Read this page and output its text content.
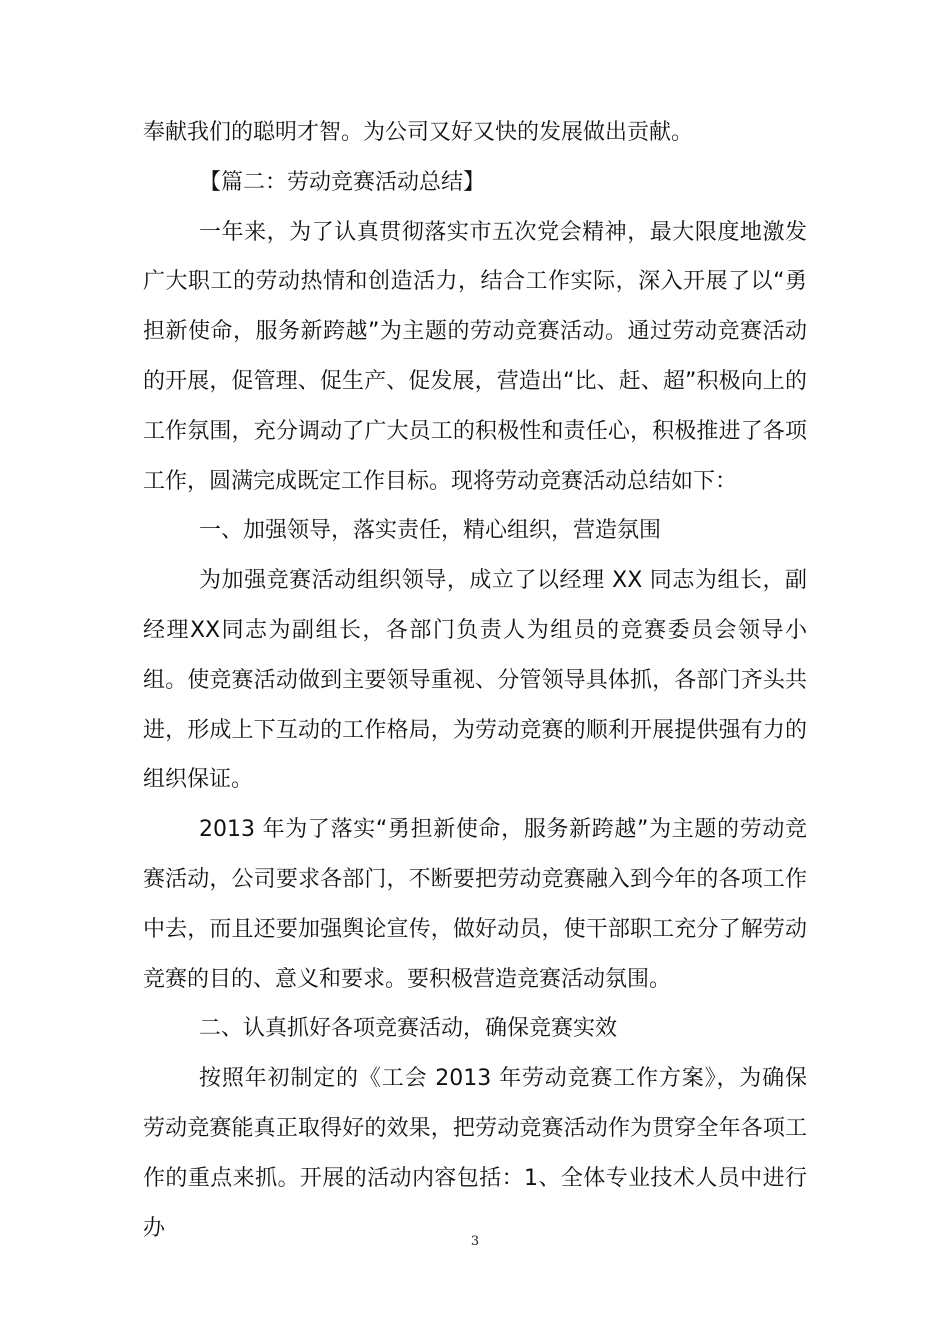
奉献我们的聪明才智。为公司又好又快的发展做出贡献。

【篇二：劳动竞赛活动总结】

一年来，为了认真贯彻落实市五次党会精神，最大限度地激发广大职工的劳动热情和创造活力，结合工作实际，深入开展了以“勇担新使命，服务新跨越”为主题的劳动竞赛活动。通过劳动竞赛活动的开展，促管理、促生产、促发展，营造出“比、赶、超”积极向上的工作氛围，充分调动了广大员工的积极性和责任心，积极推进了各项工作，圆满完成既定工作目标。现将劳动竞赛活动总结如下：

一、加强领导，落实责任，精心组织，营造氛围

为加强竞赛活动组织领导，成立了以经理 XX 同志为组长，副经理XX同志为副组长，各部门负责人为组员的竞赛委员会领导小组。使竞赛活动做到主要领导重视、分管领导具体抓，各部门齐头共进，形成上下互动的工作格局，为劳动竞赛的顺利开展提供强有力的组织保证。

2013 年为了落实“勇担新使命，服务新跨越”为主题的劳动竞赛活动，公司要求各部门，不断要把劳动竞赛融入到今年的各项工作中去，而且还要加强舆论宣传，做好动员，使干部职工充分了解劳动竞赛的目的、意义和要求。要积极营造竞赛活动氛围。

二、认真抓好各项竞赛活动，确保竞赛实效

按照年初制定的《工会 2013 年劳动竞赛工作方案》，为确保劳动竞赛能真正取得好的效果，把劳动竞赛活动作为贯穿全年各项工作的重点来抓。开展的活动内容包括：1、全体专业技术人员中进行办

3
